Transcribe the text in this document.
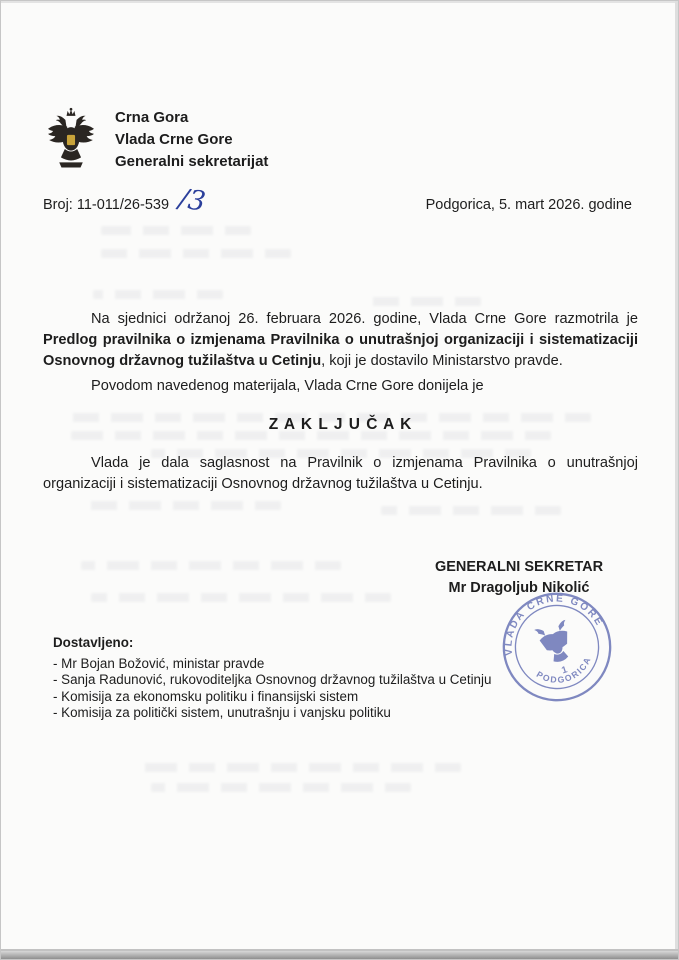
Crna Gora
Vlada Crne Gore
Generalni sekretarijat
Broj: 11-011/26-539 /3	Podgorica, 5. mart 2026. godine

Na sjednici održanoj 26. februara 2026. godine, Vlada Crne Gore razmotrila je Predlog pravilnika o izmjenama Pravilnika o unutrašnjoj organizaciji i sistematizaciji Osnovnog državnog tužilaštva u Cetinju, koji je dostavilo Ministarstvo pravde.

Povodom navedenog materijala, Vlada Crne Gore donijela je

Z A K L J U Č A K

Vlada je dala saglasnost na Pravilnik o izmjenama Pravilnika o unutrašnjoj organizaciji i sistematizaciji Osnovnog državnog tužilaštva u Cetinju.

GENERALNI SEKRETAR
Mr Dragoljub Nikolić
VLADA CRNE GORE
PODGORICA
1
Dostavljeno:
- Mr Bojan Božović, ministar pravde
- Sanja Radunović, rukovoditeljka Osnovnog državnog tužilaštva u Cetinju
- Komisija za ekonomsku politiku i finansijski sistem
- Komisija za politički sistem, unutrašnju i vanjsku politiku
